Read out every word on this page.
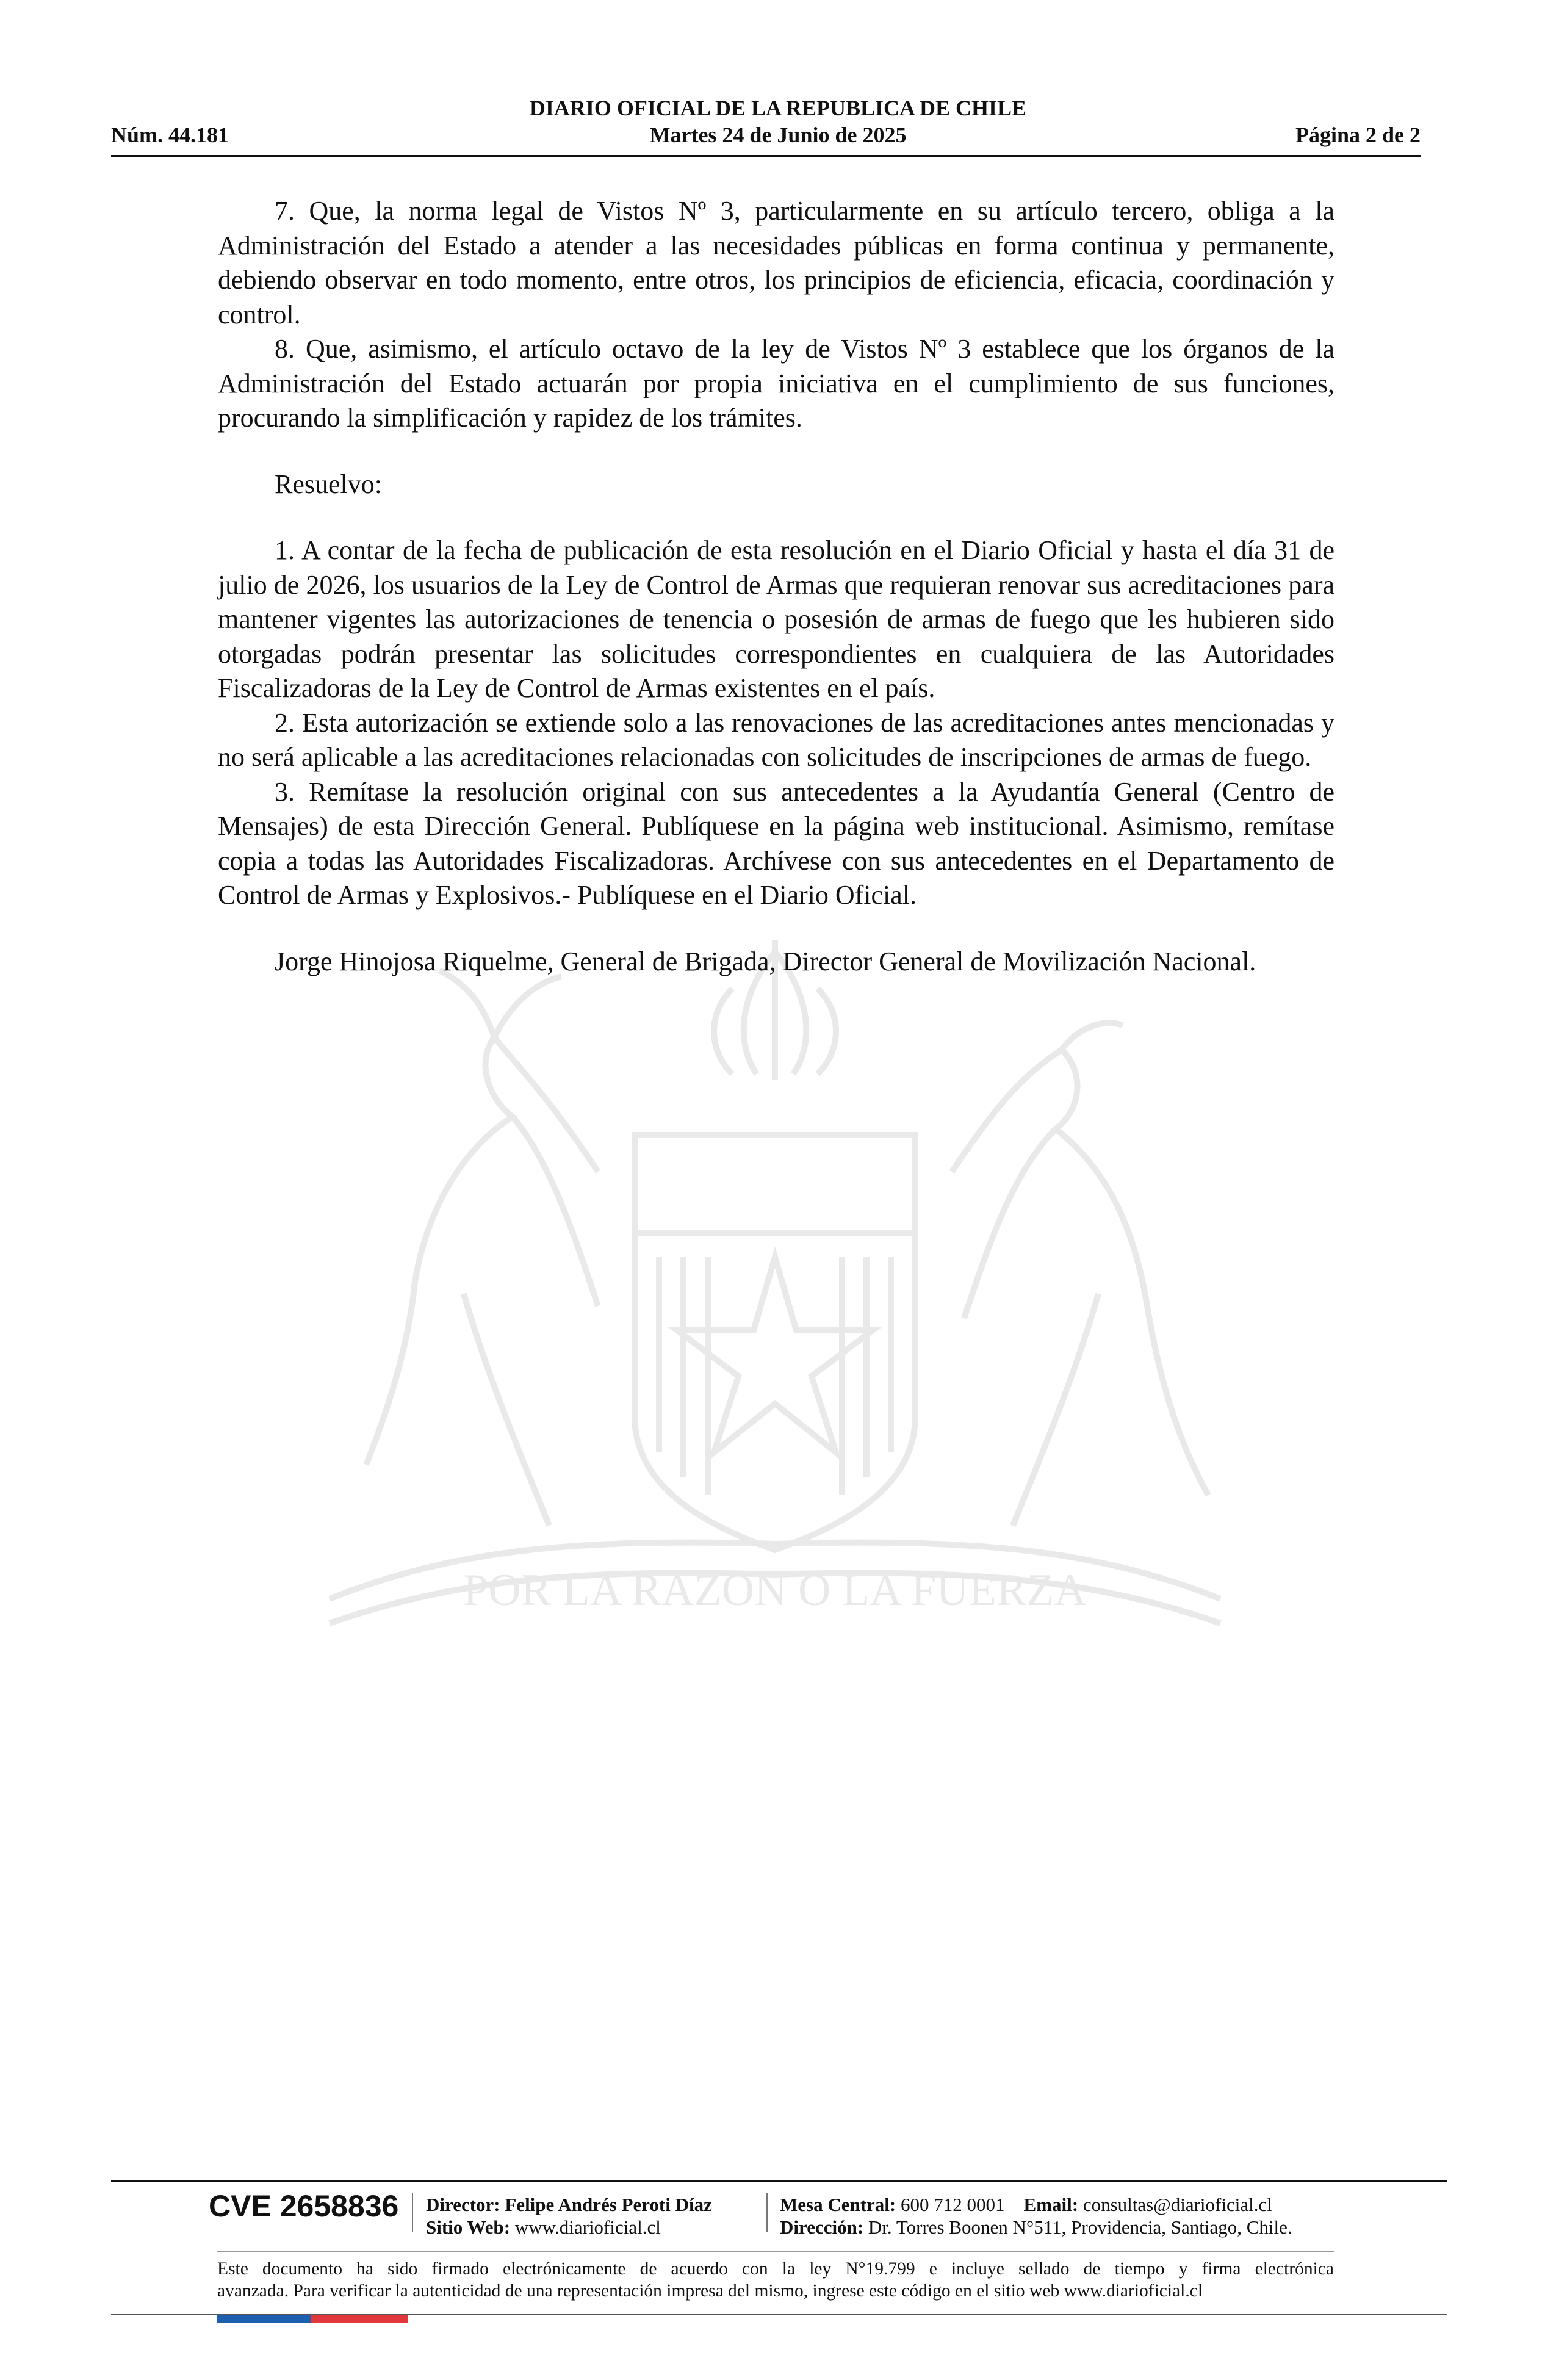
DIARIO OFICIAL DE LA REPUBLICA DE CHILE
Núm. 44.181	Martes 24 de Junio de 2025	Página 2 de 2
POR LA RAZON O LA FUERZA

7. Que, la norma legal de Vistos Nº 3, particularmente en su artículo tercero, obliga a la Administración del Estado a atender a las necesidades públicas en forma continua y permanente, debiendo observar en todo momento, entre otros, los principios de eficiencia, eficacia, coordinación y control.

8. Que, asimismo, el artículo octavo de la ley de Vistos Nº 3 establece que los órganos de la Administración del Estado actuarán por propia iniciativa en el cumplimiento de sus funciones, procurando la simplificación y rapidez de los trámites.

Resuelvo:

1. A contar de la fecha de publicación de esta resolución en el Diario Oficial y hasta el día 31 de julio de 2026, los usuarios de la Ley de Control de Armas que requieran renovar sus acreditaciones para mantener vigentes las autorizaciones de tenencia o posesión de armas de fuego que les hubieren sido otorgadas podrán presentar las solicitudes correspondientes en cualquiera de las Autoridades Fiscalizadoras de la Ley de Control de Armas existentes en el país.

2. Esta autorización se extiende solo a las renovaciones de las acreditaciones antes mencionadas y no será aplicable a las acreditaciones relacionadas con solicitudes de inscripciones de armas de fuego.

3. Remítase la resolución original con sus antecedentes a la Ayudantía General (Centro de Mensajes) de esta Dirección General. Publíquese en la página web institucional. Asimismo, remítase copia a todas las Autoridades Fiscalizadoras. Archívese con sus antecedentes en el Departamento de Control de Armas y Explosivos.- Publíquese en el Diario Oficial.

Jorge Hinojosa Riquelme, General de Brigada, Director General de Movilización Nacional.

CVE 2658836 Director: Felipe Andrés Peroti Díaz
Sitio Web: www.diarioficial.cl
Mesa Central: 600 712 0001 Email: consultas@diarioficial.cl
Dirección: Dr. Torres Boonen N°511, Providencia, Santiago, Chile.
Este documento ha sido firmado electrónicamente de acuerdo con la ley N°19.799 e incluye sellado de tiempo y firma electrónica
avanzada. Para verificar la autenticidad de una representación impresa del mismo, ingrese este código en el sitio web www.diarioficial.cl
